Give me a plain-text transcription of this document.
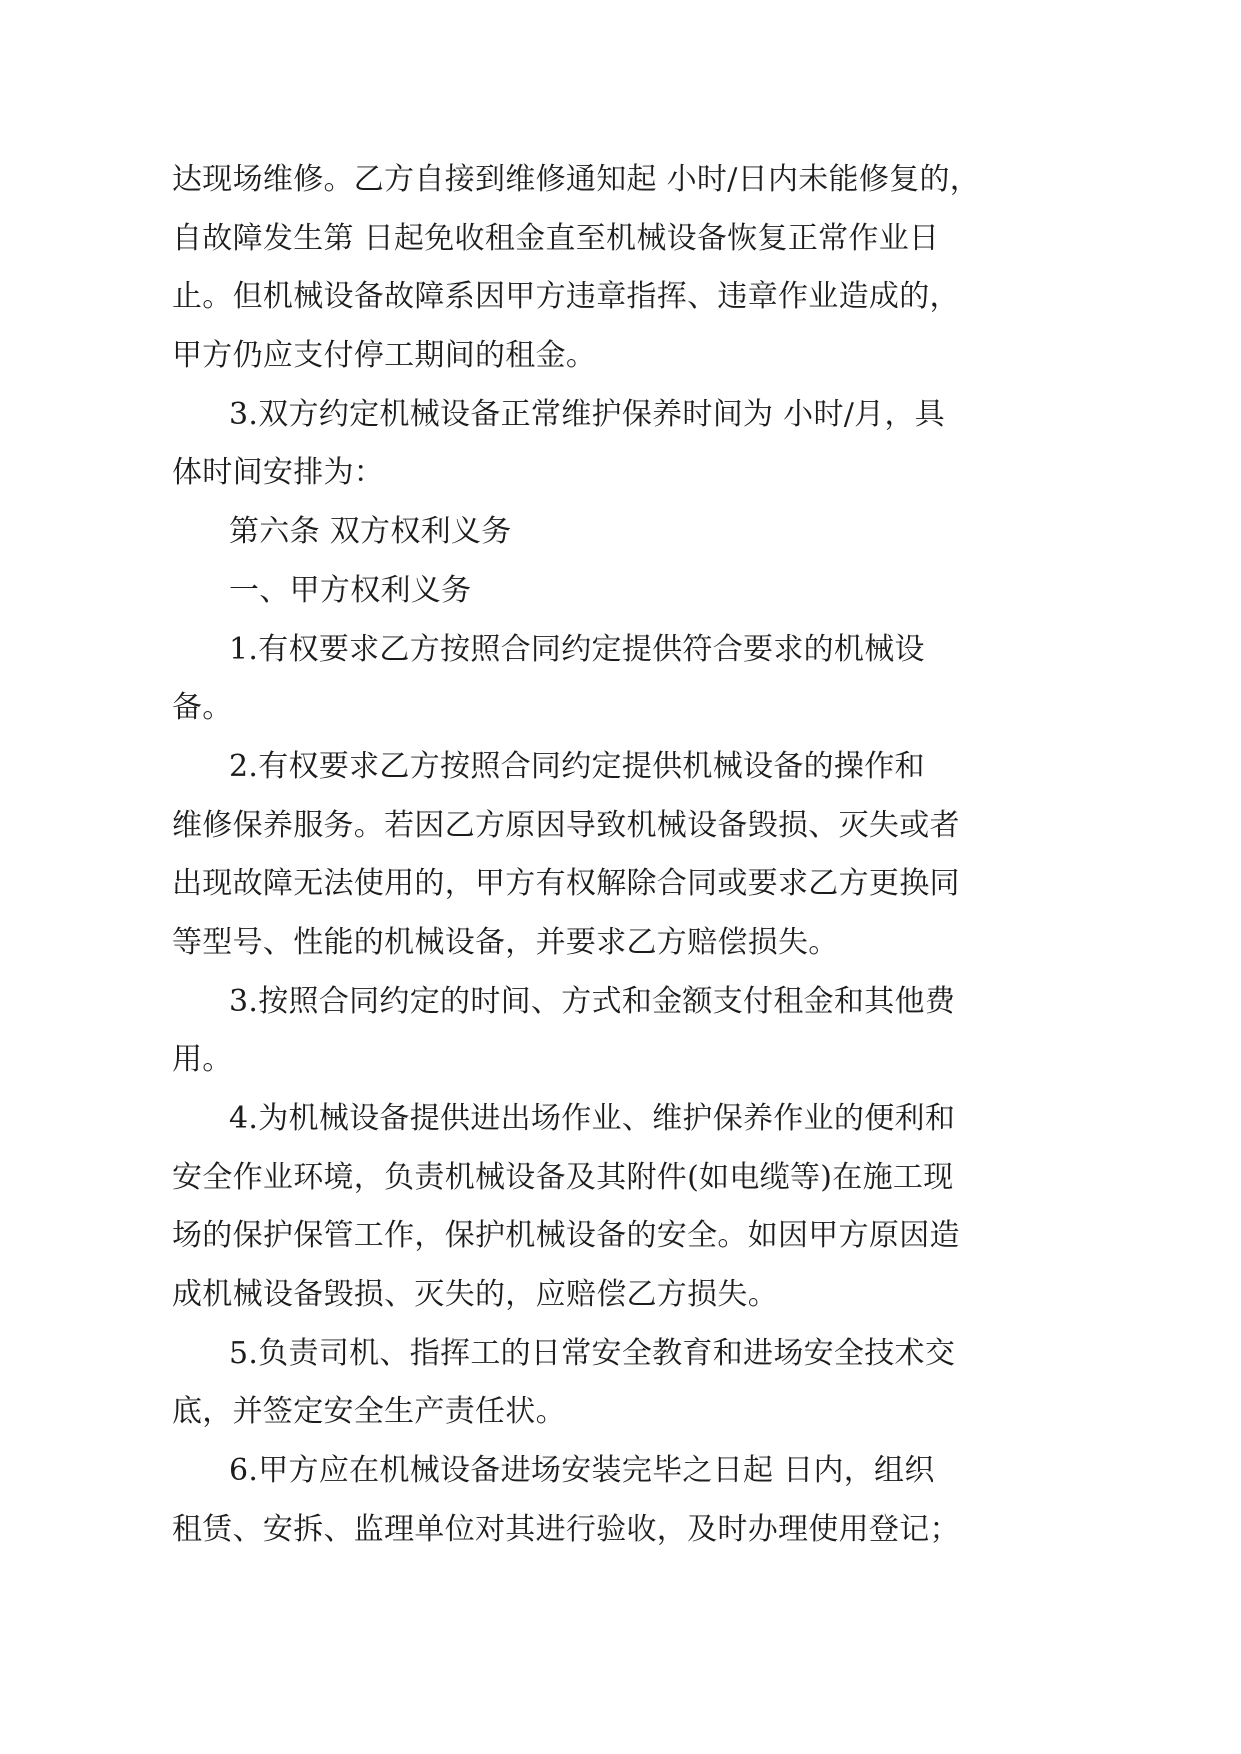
达现场维修。乙方自接到维修通知起 小时/日内未能修复的，
自故障发生第 日起免收租金直至机械设备恢复正常作业日
止。但机械设备故障系因甲方违章指挥、违章作业造成的，
甲方仍应支付停工期间的租金。
3.双方约定机械设备正常维护保养时间为 小时/月，具
体时间安排为：
第六条 双方权利义务
一、甲方权利义务
1.有权要求乙方按照合同约定提供符合要求的机械设
备。
2.有权要求乙方按照合同约定提供机械设备的操作和
维修保养服务。若因乙方原因导致机械设备毁损、灭失或者
出现故障无法使用的，甲方有权解除合同或要求乙方更换同
等型号、性能的机械设备，并要求乙方赔偿损失。
3.按照合同约定的时间、方式和金额支付租金和其他费
用。
4.为机械设备提供进出场作业、维护保养作业的便利和
安全作业环境，负责机械设备及其附件(如电缆等)在施工现
场的保护保管工作，保护机械设备的安全。如因甲方原因造
成机械设备毁损、灭失的，应赔偿乙方损失。
5.负责司机、指挥工的日常安全教育和进场安全技术交
底，并签定安全生产责任状。
6.甲方应在机械设备进场安装完毕之日起 日内，组织
租赁、安拆、监理单位对其进行验收，及时办理使用登记；
